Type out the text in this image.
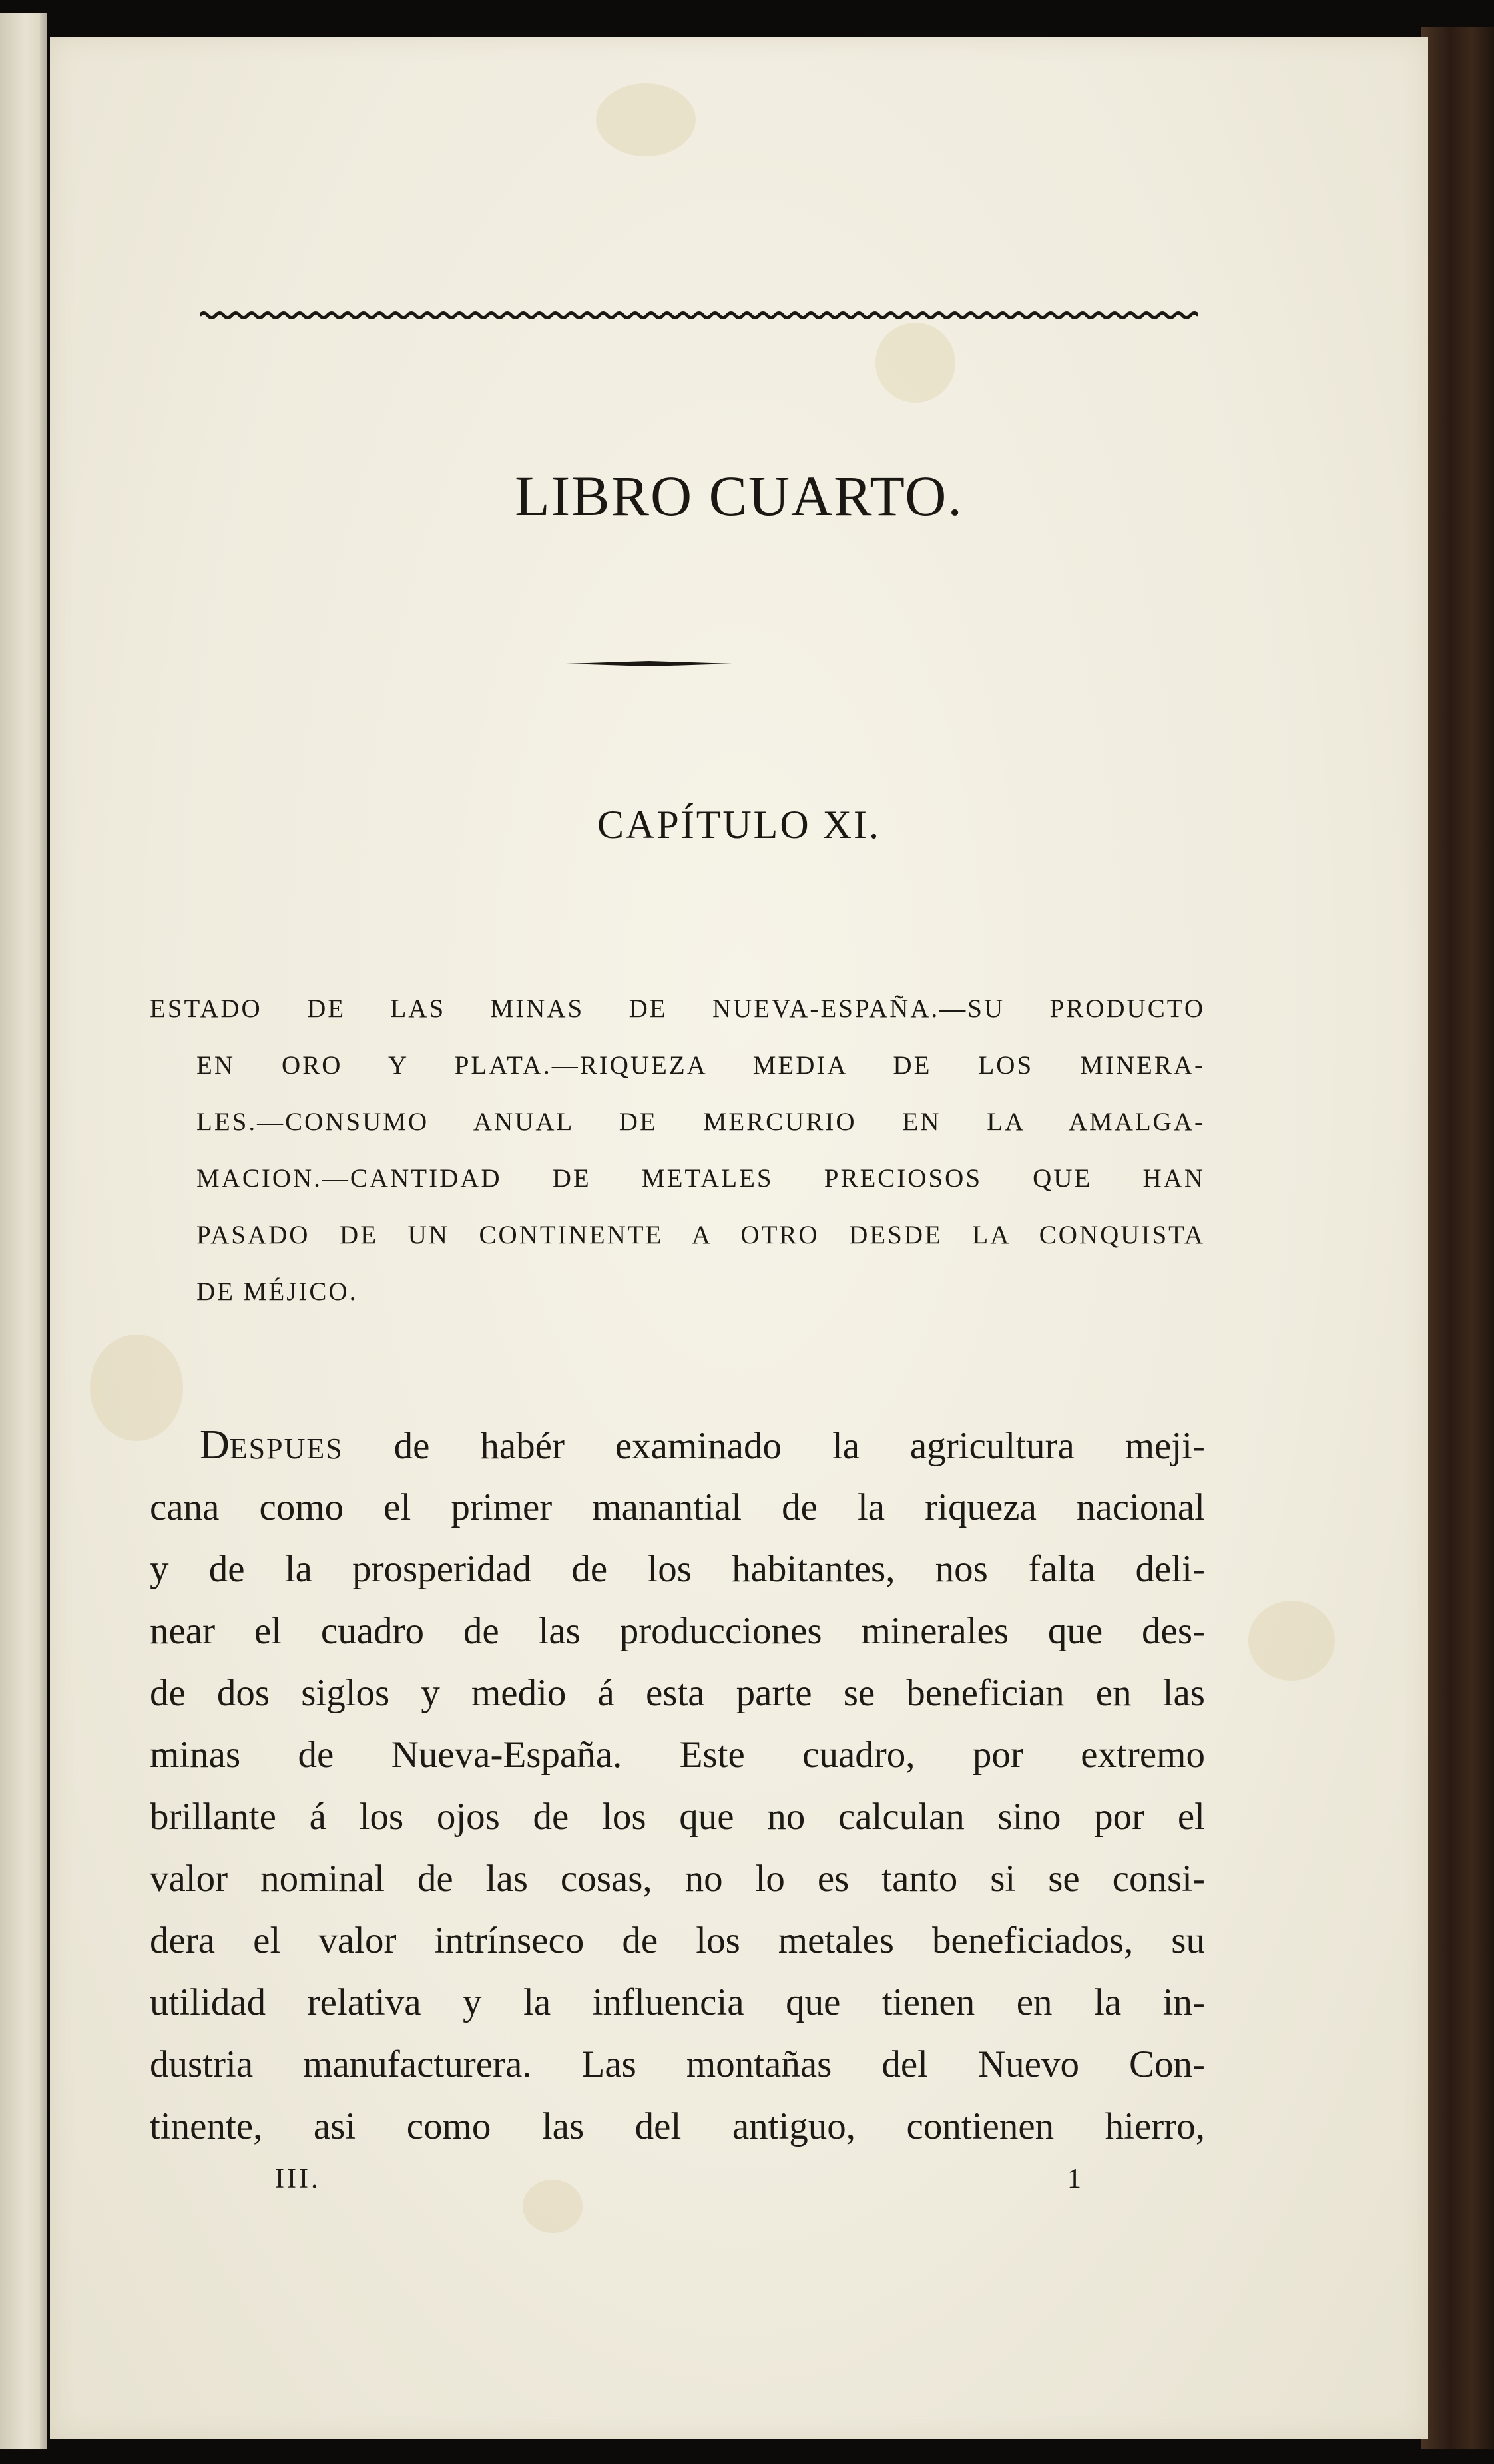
LIBRO CUARTO.
CAPÍTULO XI.
ESTADO DE LAS MINAS DE NUEVA-ESPAÑA.—SU PRODUCTO
EN ORO Y PLATA.—RIQUEZA MEDIA DE LOS MINERA-
LES.—CONSUMO ANUAL DE MERCURIO EN LA AMALGA-
MACION.—CANTIDAD DE METALES PRECIOSOS QUE HAN
PASADO DE UN CONTINENTE A OTRO DESDE LA CONQUISTA
DE MÉJICO.
DESPUES de habér examinado la agricultura meji-
cana como el primer manantial de la riqueza nacional
y de la prosperidad de los habitantes, nos falta deli-
near el cuadro de las producciones minerales que des-
de dos siglos y medio á esta parte se benefician en las
minas de Nueva-España. Este cuadro, por extremo
brillante á los ojos de los que no calculan sino por el
valor nominal de las cosas, no lo es tanto si se consi-
dera el valor intrínseco de los metales beneficiados, su
utilidad relativa y la influencia que tienen en la in-
dustria manufacturera. Las montañas del Nuevo Con-
tinente, asi como las del antiguo, contienen hierro,
III.	1
